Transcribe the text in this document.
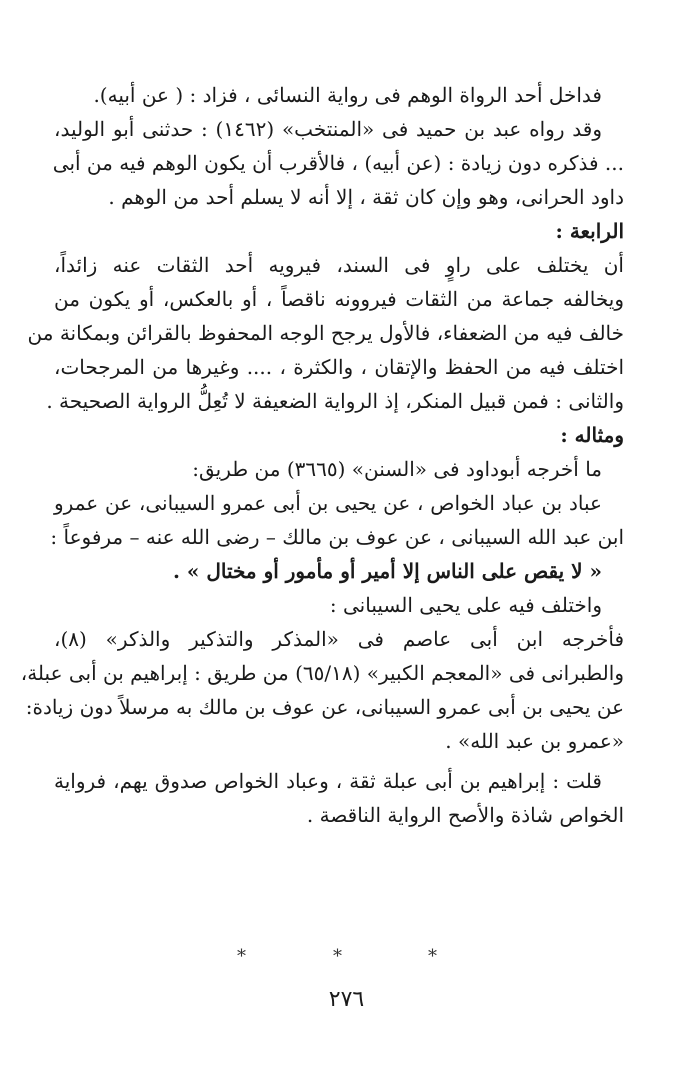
فداخل أحد الرواة الوهم فى رواية النسائى ، فزاد : ( عن أبيه).
وقد رواه عبد بن حميد فى «المنتخب» (١٤٦٢) : حدثنى أبو الوليد،
... فذكره دون زيادة : (عن أبيه) ، فالأقرب أن يكون الوهم فيه من أبى
داود الحرانى، وهو وإن كان ثقة ، إلا أنه لا يسلم أحد من الوهم .
الرابعة :
أن يختلف على راوٍ فى السند، فيرويه أحد الثقات عنه زائداً،
ويخالفه جماعة من الثقات فيروونه ناقصاً ، أو بالعكس، أو يكون من
خالف فيه من الضعفاء، فالأول يرجح الوجه المحفوظ بالقرائن وبمكانة من
اختلف فيه من الحفظ والإتقان ، والكثرة ، .... وغيرها من المرجحات،
والثانى : فمن قبيل المنكر، إذ الرواية الضعيفة لا تُعِلُّ الرواية الصحيحة .
ومثاله :
ما أخرجه أبوداود فى «السنن» (٣٦٦٥) من طريق:
عباد بن عباد الخواص ، عن يحيى بن أبى عمرو السيبانى، عن عمرو
ابن عبد الله السيبانى ، عن عوف بن مالك – رضى الله عنه – مرفوعاً :
« لا يقص على الناس إلا أمير أو مأمور أو مختال » .
واختلف فيه على يحيى السيبانى :
فأخرجه ابن أبى عاصم فى «المذكر والتذكير والذكر» (٨)،
والطبرانى فى «المعجم الكبير» (٦٥/١٨) من طريق : إبراهيم بن أبى عبلة،
عن يحيى بن أبى عمرو السيبانى، عن عوف بن مالك به مرسلاً دون زيادة:
«عمرو بن عبد الله» .
قلت : إبراهيم بن أبى عبلة ثقة ، وعباد الخواص صدوق يهم، فرواية
الخواص شاذة والأصح الرواية الناقصة .
*	*	*
٢٧٦
